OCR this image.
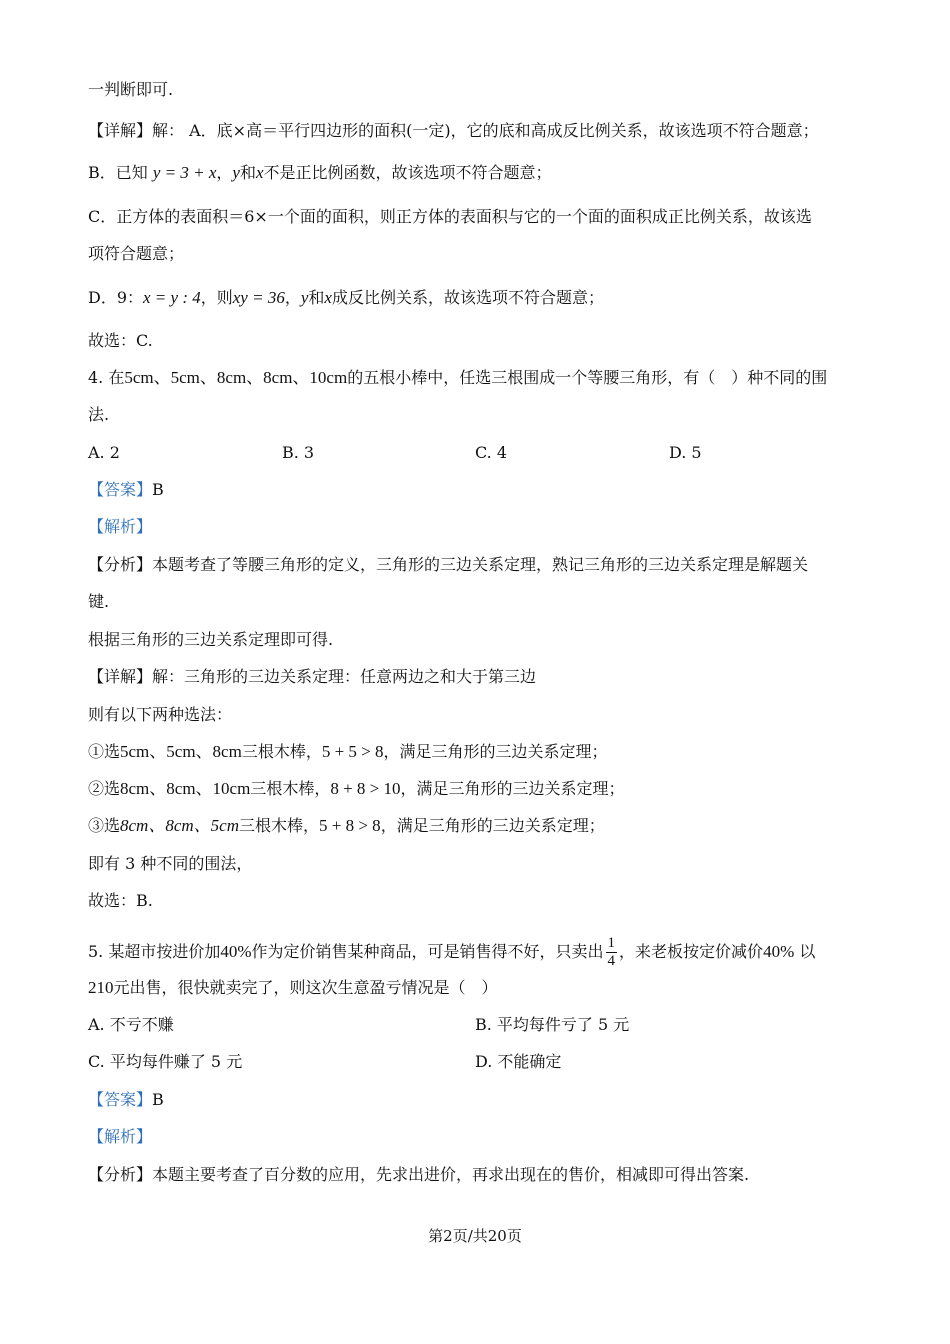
一判断即可.
【详解】解： A．底×高＝平行四边形的面积(一定)，它的底和高成反比例关系，故该选项不符合题意；
B．已知 y = 3 + x，y和x不是正比例函数，故该选项不符合题意；
C．正方体的表面积＝6×一个面的面积，则正方体的表面积与它的一个面的面积成正比例关系，故该选
项符合题意；
D．9：x = y : 4，则xy = 36，y和x成反比例关系，故该选项不符合题意；
故选：C.
4. 在5cm、5cm、8cm、8cm、10cm的五根小棒中，任选三根围成一个等腰三角形，有（　）种不同的围
法.
A. 2	B. 3	C. 4	D. 5
【答案】B
【解析】
【分析】本题考查了等腰三角形的定义，三角形的三边关系定理，熟记三角形的三边关系定理是解题关
键.
根据三角形的三边关系定理即可得.
【详解】解：三角形的三边关系定理：任意两边之和大于第三边
则有以下两种选法：
①选5cm、5cm、8cm三根木棒，5 + 5 > 8，满足三角形的三边关系定理；
②选8cm、8cm、10cm三根木棒，8 + 8 > 10，满足三角形的三边关系定理；
③选8cm、8cm、5cm三根木棒，5 + 8 > 8，满足三角形的三边关系定理；
即有 3 种不同的围法，
故选：B.
5. 某超市按进价加40%作为定价销售某种商品，可是销售得不好，只卖出 $\frac{1}{4}$ ，来老板按定价减价40% 以
210元出售，很快就卖完了，则这次生意盈亏情况是（　）
A. 不亏不赚	B. 平均每件亏了 5 元
C. 平均每件赚了 5 元	D. 不能确定
【答案】B
【解析】
【分析】本题主要考查了百分数的应用，先求出进价，再求出现在的售价，相减即可得出答案.
第2页/共20页
